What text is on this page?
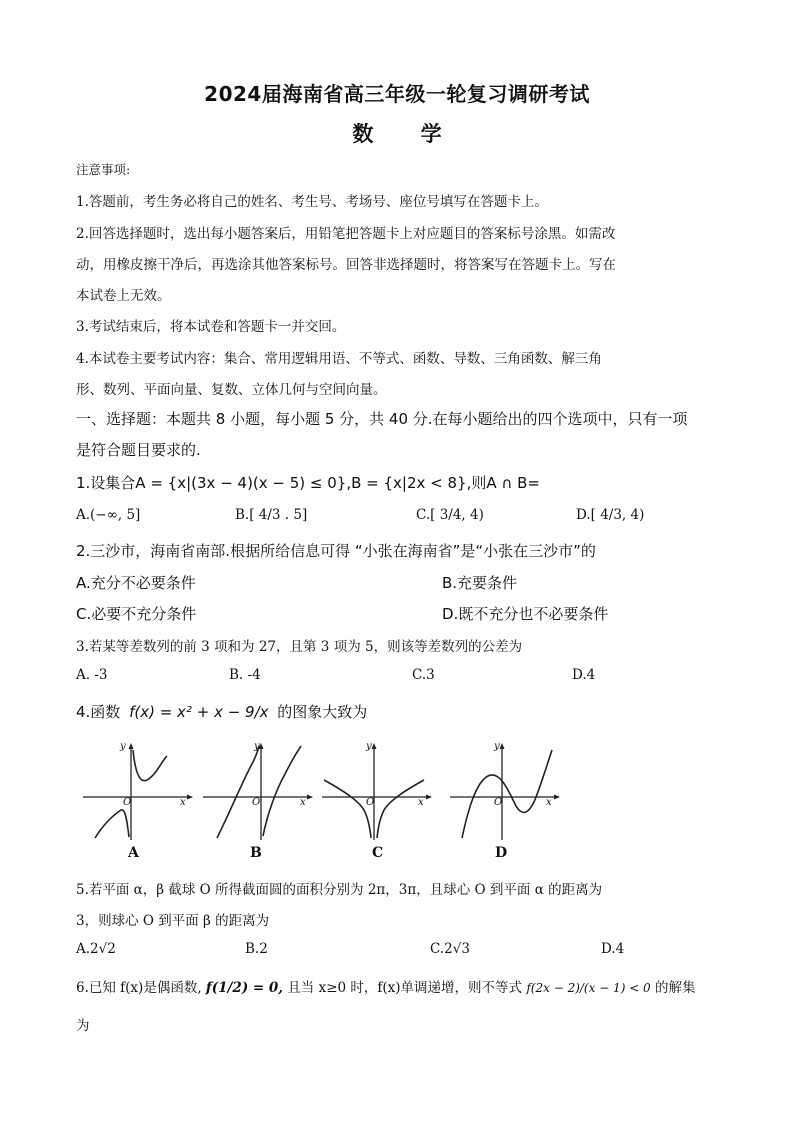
2024届海南省高三年级一轮复习调研考试
数 学
注意事项:
1.答题前，考生务必将自己的姓名、考生号、考场号、座位号填写在答题卡上。
2.回答选择题时，选出每小题答案后，用铅笔把答题卡上对应题目的答案标号涂黑。如需改
动，用橡皮擦干净后，再选涂其他答案标号。回答非选择题时，将答案写在答题卡上。写在
本试卷上无效。
3.考试结束后，将本试卷和答题卡一并交回。
4.本试卷主要考试内容：集合、常用逻辑用语、不等式、函数、导数、三角函数、解三角
形、数列、平面向量、复数、立体几何与空间向量。
一、选择题：本题共 8 小题，每小题 5 分，共 40 分.在每小题给出的四个选项中，只有一项
是符合题目要求的.
1.设集合A = {x|(3x − 4)(x − 5) ≤ 0},B = {x|2x < 8},则A ∩ B=
A.(−∞, 5]	B.[ 4/3 . 5]	C.[ 3/4, 4)	D.[ 4/3, 4)
2.三沙市，海南省南部.根据所给信息可得 “小张在海南省”是“小张在三沙市”的
A.充分不必要条件	B.充要条件
C.必要不充分条件	D.既不充分也不必要条件
3.若某等差数列的前 3 项和为 27，且第 3 项为 5，则该等差数列的公差为
A. -3	B. -4	C.3	D.4
4.函数 f(x) = x² + x − 9/x 的图象大致为
y
O	x
y
O	x
y
O	x
y
O	x
A	B	C	D
5.若平面 α，β 截球 O 所得截面圆的面积分别为 2π，3π，且球心 O 到平面 α 的距离为
3，则球心 O 到平面 β 的距离为
A.2√2	B.2	C.2√3	D.4
6.已知 f(x)是偶函数, f(1/2) = 0, 且当 x≥0 时，f(x)单调递增，则不等式 f(2x − 2)/(x − 1) < 0 的解集
为
